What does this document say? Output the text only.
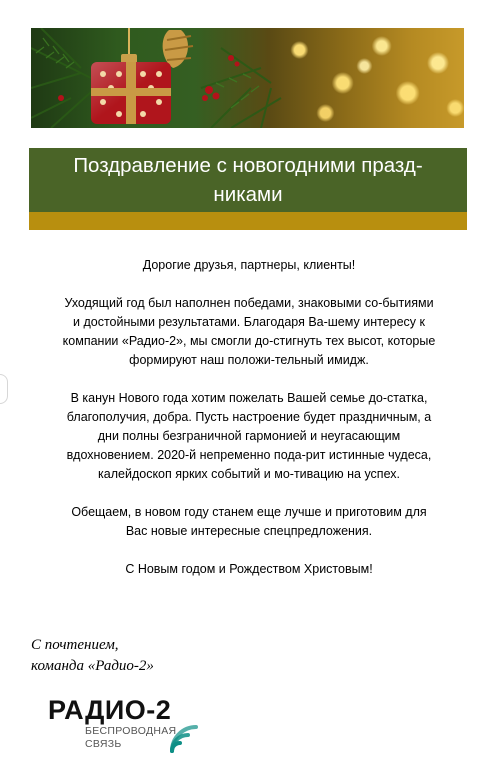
Поздравление с новогодними празд-
никами

Дорогие друзья, партнеры, клиенты!

Уходящий год был наполнен победами, знаковыми со-бытиями и достойными результатами. Благодаря Ва-шему интересу к компании «Радио-2», мы смогли до-стигнуть тех высот, которые формируют наш положи-тельный имидж.

В канун Нового года хотим пожелать Вашей семье до-статка, благополучия, добра. Пусть настроение будет праздничным, а дни полны безграничной гармонией и неугасающим вдохновением. 2020-й непременно пода-рит истинные чудеса, калейдоскоп ярких событий и мо-тивацию на успех.

Обещаем, в новом году станем еще лучше и приготовим для Вас новые интересные спецпредложения.

С Новым годом и Рождеством Христовым!

С почтением,
команда «Радио-2»
РАДИО-2
БЕСПРОВОДНАЯ
СВЯЗЬ
